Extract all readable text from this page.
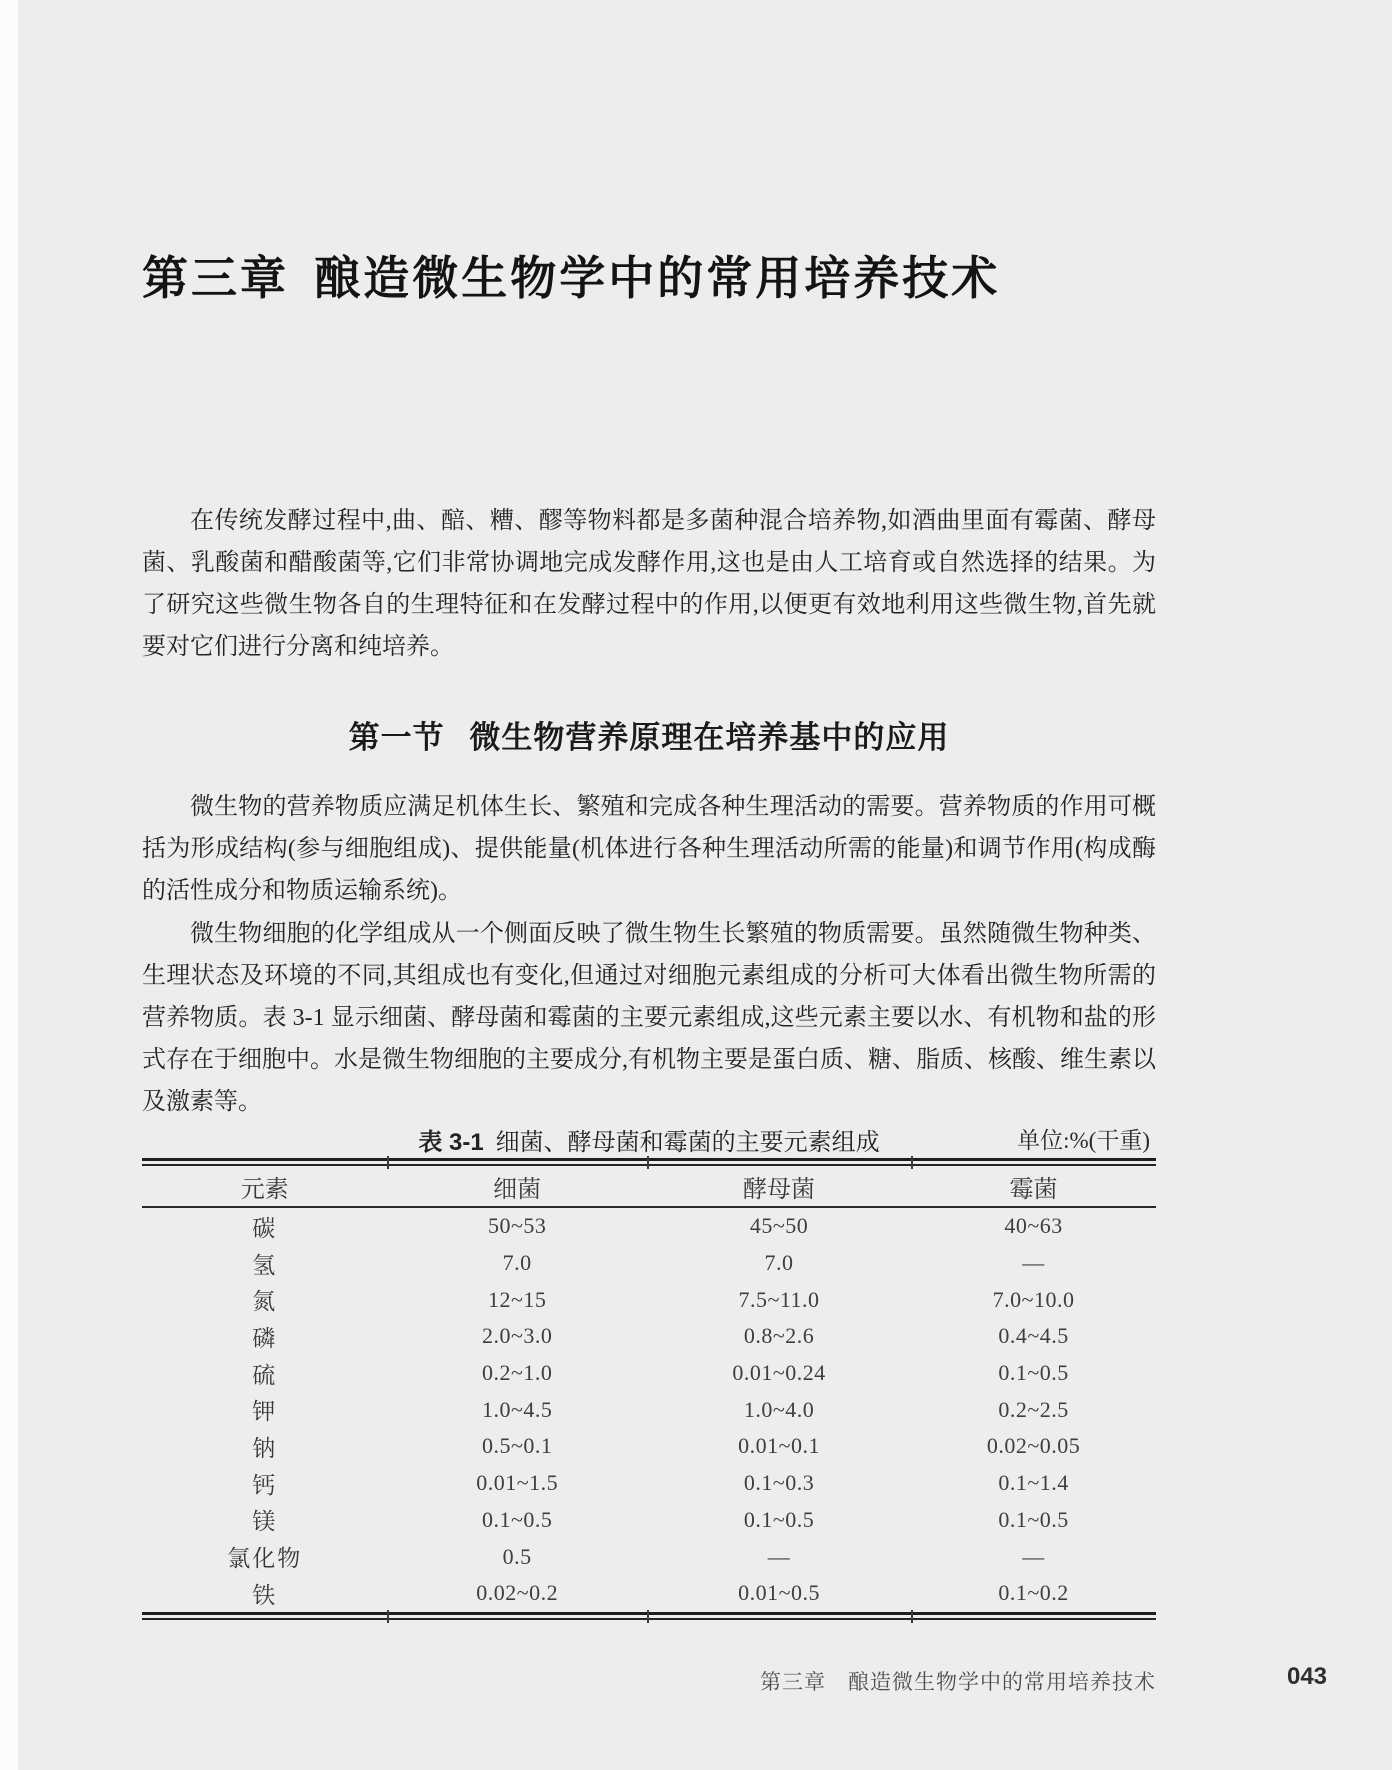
第三章 酿造微生物学中的常用培养技术

在传统发酵过程中,曲、醅、糟、醪等物料都是多菌种混合培养物,如酒曲里面有霉菌、酵母菌、乳酸菌和醋酸菌等,它们非常协调地完成发酵作用,这也是由人工培育或自然选择的结果。为了研究这些微生物各自的生理特征和在发酵过程中的作用,以便更有效地利用这些微生物,首先就要对它们进行分离和纯培养。

第一节 微生物营养原理在培养基中的应用

微生物的营养物质应满足机体生长、繁殖和完成各种生理活动的需要。营养物质的作用可概括为形成结构(参与细胞组成)、提供能量(机体进行各种生理活动所需的能量)和调节作用(构成酶的活性成分和物质运输系统)。

微生物细胞的化学组成从一个侧面反映了微生物生长繁殖的物质需要。虽然随微生物种类、生理状态及环境的不同,其组成也有变化,但通过对细胞元素组成的分析可大体看出微生物所需的营养物质。表 3-1 显示细菌、酵母菌和霉菌的主要元素组成,这些元素主要以水、有机物和盐的形式存在于细胞中。水是微生物细胞的主要成分,有机物主要是蛋白质、糖、脂质、核酸、维生素以及激素等。

表 3-1 细菌、酵母菌和霉菌的主要元素组成	单位:%(干重)
元素	细菌	酵母菌	霉菌
碳	50~53	45~50	40~63
氢	7.0	7.0	—
氮	12~15	7.5~11.0	7.0~10.0
磷	2.0~3.0	0.8~2.6	0.4~4.5
硫	0.2~1.0	0.01~0.24	0.1~0.5
钾	1.0~4.5	1.0~4.0	0.2~2.5
钠	0.5~0.1	0.01~0.1	0.02~0.05
钙	0.01~1.5	0.1~0.3	0.1~1.4
镁	0.1~0.5	0.1~0.5	0.1~0.5
氯化物	0.5	—	—
铁	0.02~0.2	0.01~0.5	0.1~0.2
第三章　酿造微生物学中的常用培养技术	043
